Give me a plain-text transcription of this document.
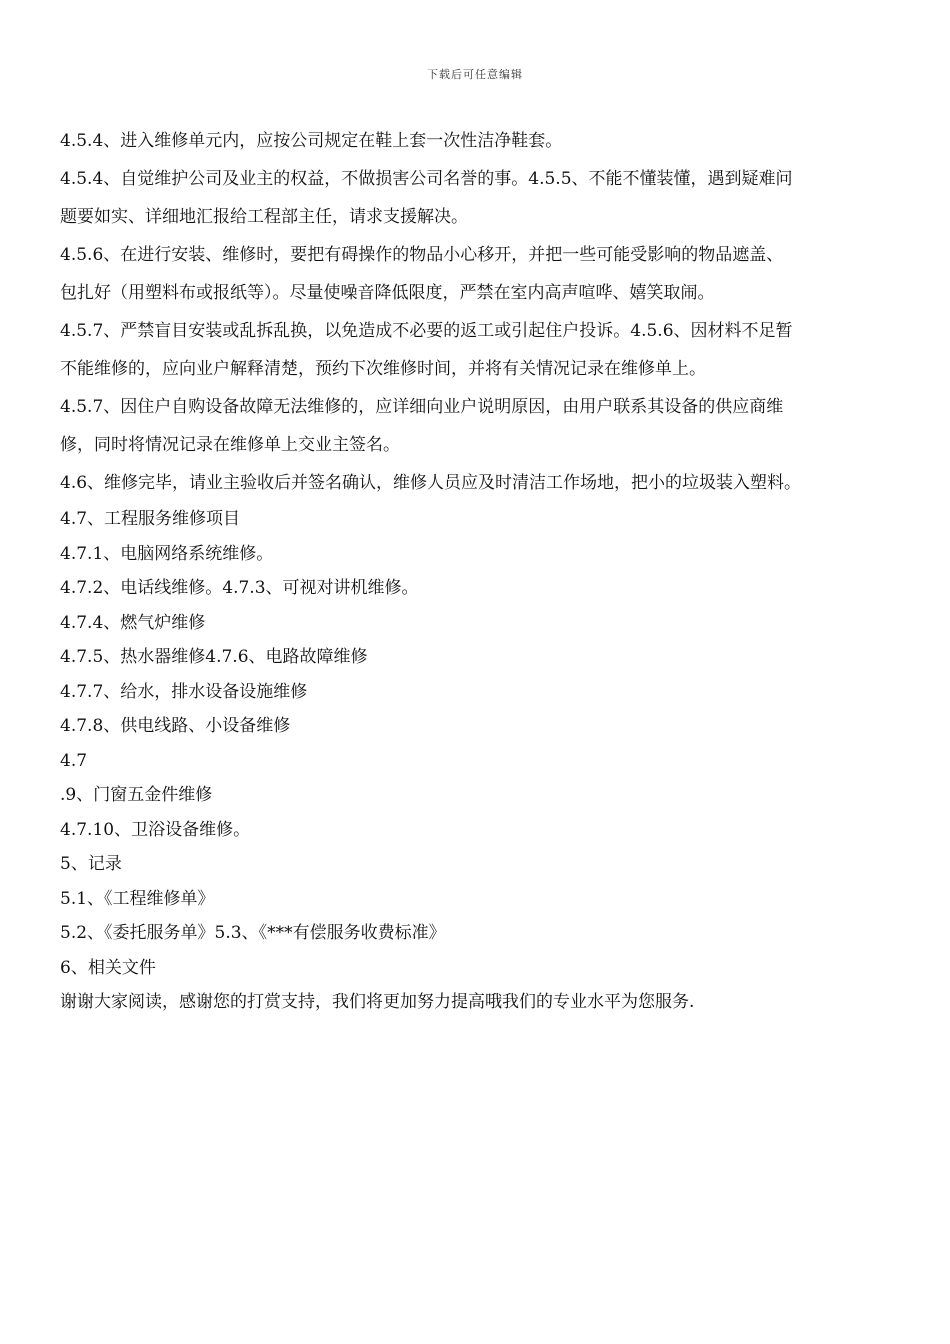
下载后可任意编辑

4.5.4、进入维修单元内，应按公司规定在鞋上套一次性洁净鞋套。

4.5.4、自觉维护公司及业主的权益，不做损害公司名誉的事。4.5.5、不能不懂装懂，遇到疑难问

题要如实、详细地汇报给工程部主任，请求支援解决。

4.5.6、在进行安装、维修时，要把有碍操作的物品小心移开，并把一些可能受影响的物品遮盖、

包扎好（用塑料布或报纸等）。尽量使噪音降低限度，严禁在室内高声喧哗、嬉笑取闹。

4.5.7、严禁盲目安装或乱拆乱换，以免造成不必要的返工或引起住户投诉。4.5.6、因材料不足暂

不能维修的，应向业户解释清楚，预约下次维修时间，并将有关情况记录在维修单上。

4.5.7、因住户自购设备故障无法维修的，应详细向业户说明原因，由用户联系其设备的供应商维

修，同时将情况记录在维修单上交业主签名。

4.6、维修完毕，请业主验收后并签名确认，维修人员应及时清洁工作场地，把小的垃圾装入塑料。

4.7、工程服务维修项目

4.7.1、电脑网络系统维修。

4.7.2、电话线维修。4.7.3、可视对讲机维修。

4.7.4、燃气炉维修

4.7.5、热水器维修4.7.6、电路故障维修

4.7.7、给水，排水设备设施维修

4.7.8、供电线路、小设备维修

4.7

.9、门窗五金件维修

4.7.10、卫浴设备维修。

5、记录

5.1、《工程维修单》

5.2、《委托服务单》5.3、《***有偿服务收费标准》

6、相关文件

谢谢大家阅读，感谢您的打赏支持，我们将更加努力提高哦我们的专业水平为您服务.
